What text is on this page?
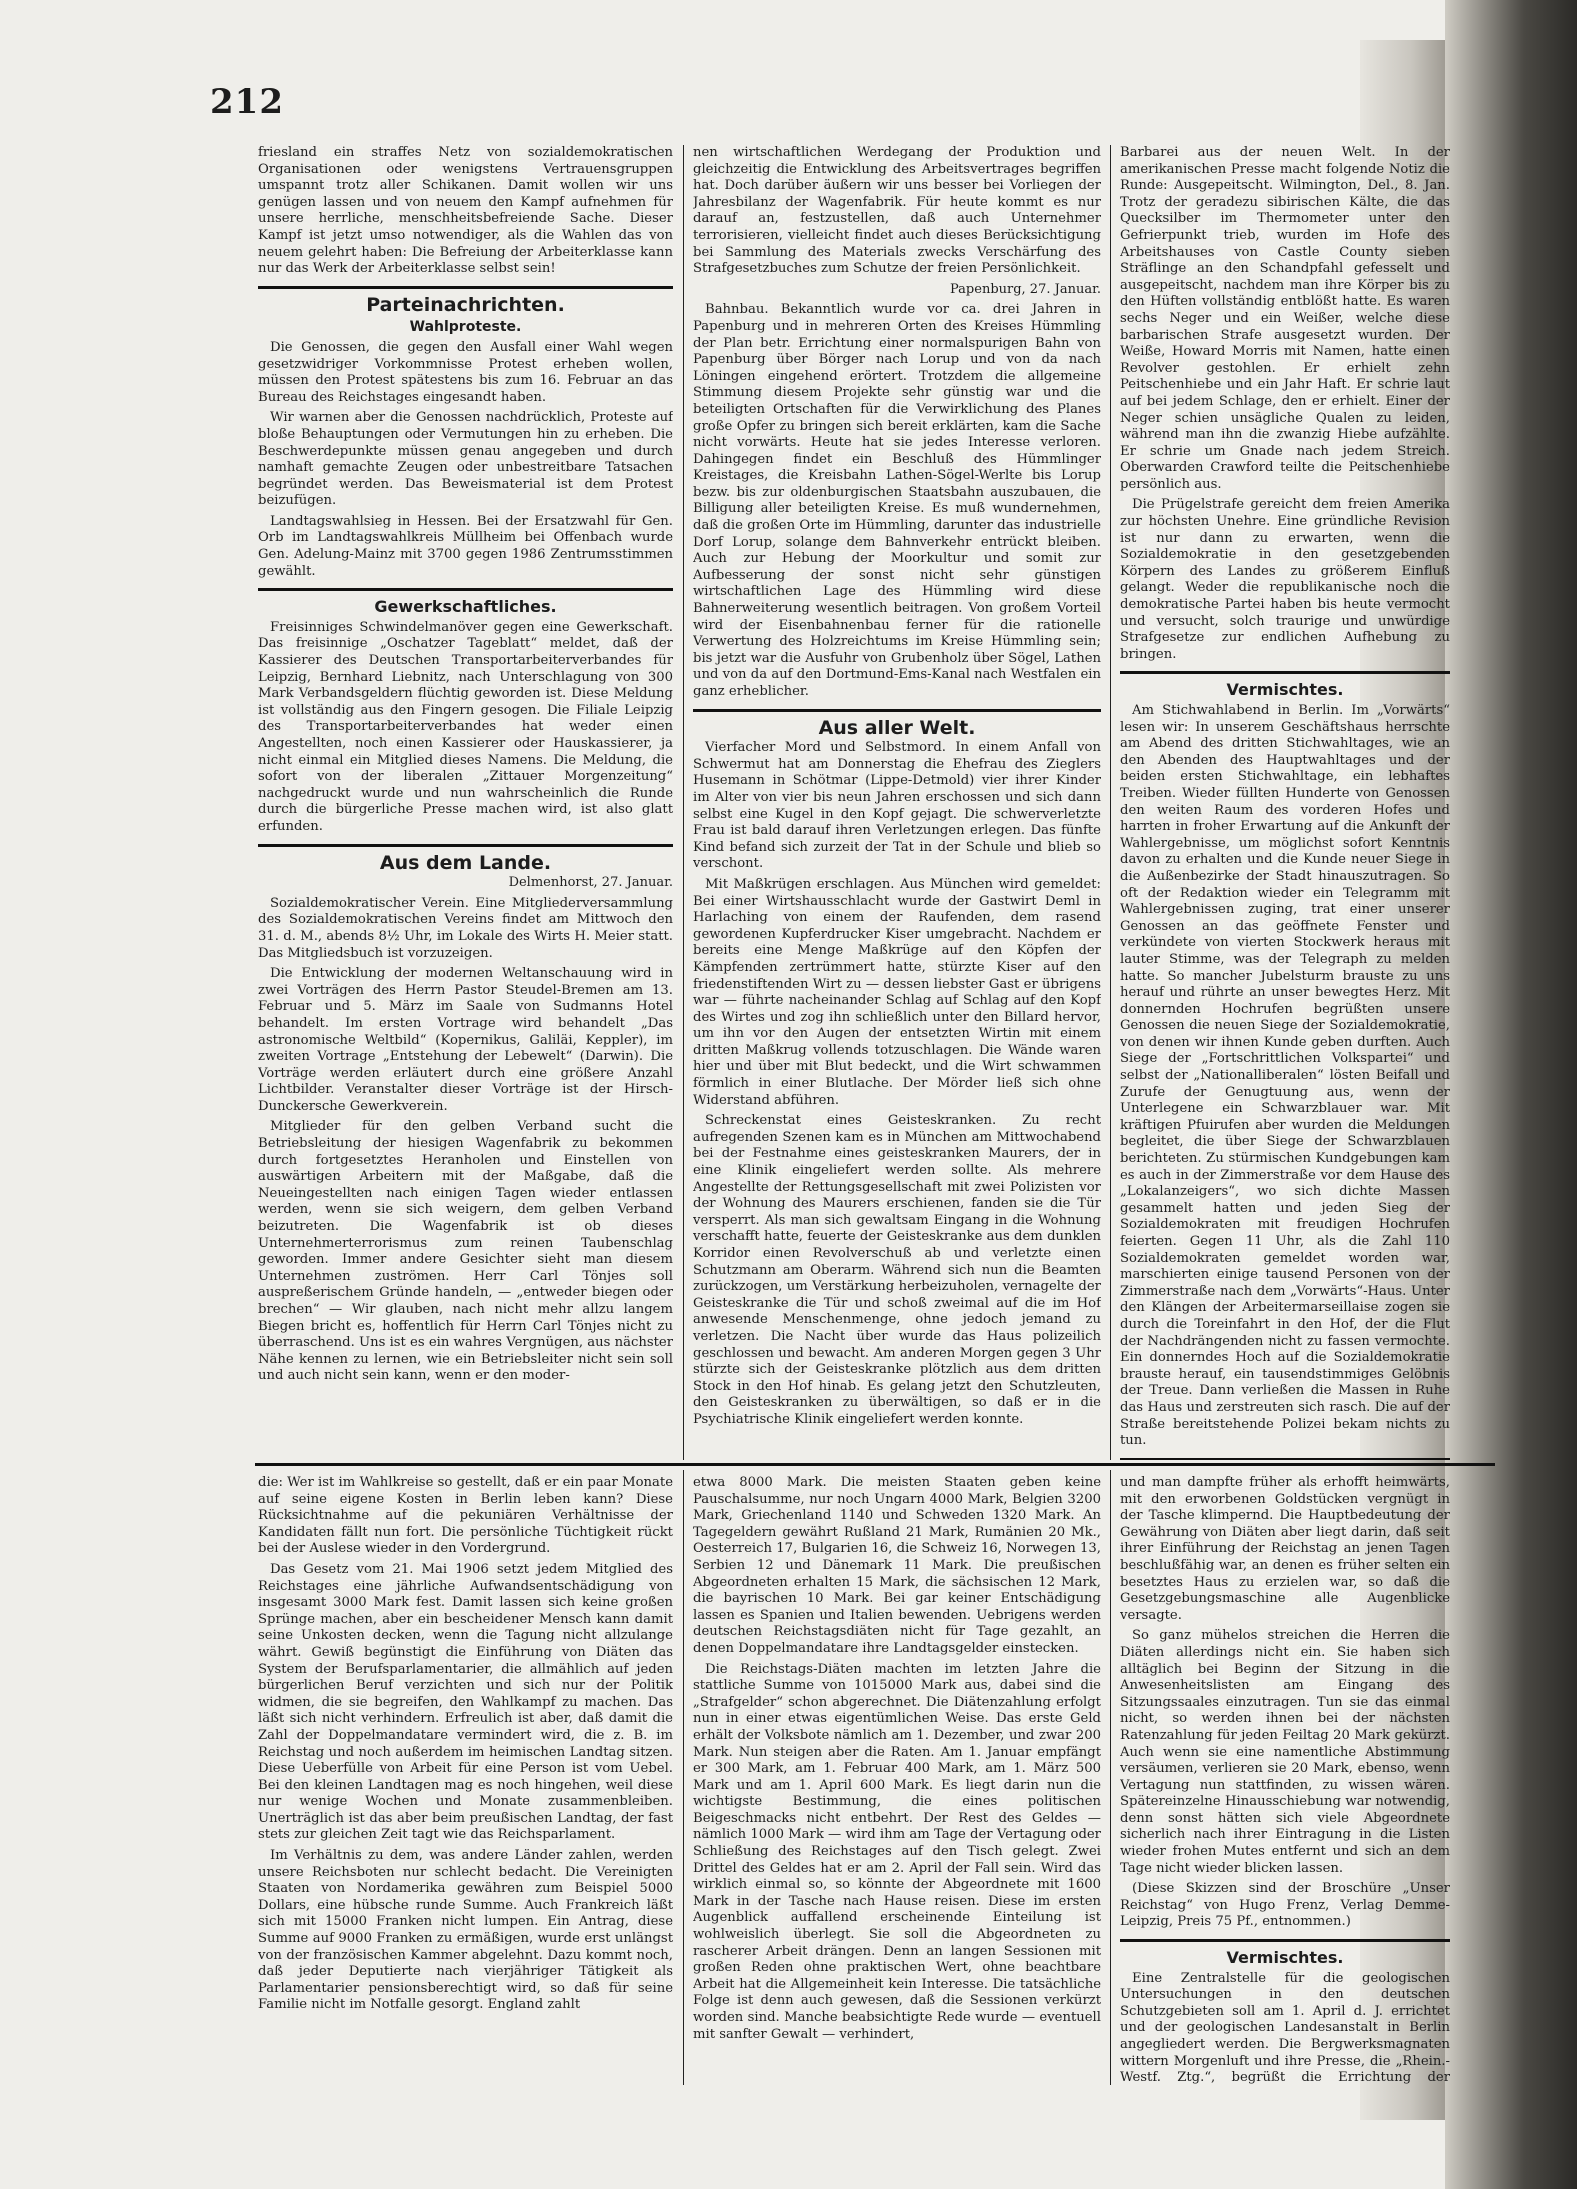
212

friesland ein straffes Netz von sozialdemokratischen Organisationen oder wenigstens Vertrauensgruppen umspannt trotz aller Schikanen. Damit wollen wir uns genügen lassen und von neuem den Kampf aufnehmen für unsere herrliche, menschheitsbefreiende Sache. Dieser Kampf ist jetzt umso notwendiger, als die Wahlen das von neuem gelehrt haben: Die Befreiung der Arbeiterklasse kann nur das Werk der Arbeiterklasse selbst sein!

Parteinachrichten.
Wahlproteste.

Die Genossen, die gegen den Ausfall einer Wahl wegen gesetzwidriger Vorkommnisse Protest erheben wollen, müssen den Protest spätestens bis zum 16. Februar an das Bureau des Reichstages eingesandt haben.

Wir warnen aber die Genossen nachdrücklich, Proteste auf bloße Behauptungen oder Vermutungen hin zu erheben. Die Beschwerdepunkte müssen genau angegeben und durch namhaft gemachte Zeugen oder unbestreitbare Tatsachen begründet werden. Das Beweismaterial ist dem Protest beizufügen.

Landtagswahlsieg in Hessen. Bei der Ersatzwahl für Gen. Orb im Landtagswahlkreis Müllheim bei Offenbach wurde Gen. Adelung-Mainz mit 3700 gegen 1986 Zentrumsstimmen gewählt.

Gewerkschaftliches.

Freisinniges Schwindelmanöver gegen eine Gewerkschaft. Das freisinnige „Oschatzer Tageblatt“ meldet, daß der Kassierer des Deutschen Transportarbeiterverbandes für Leipzig, Bernhard Liebnitz, nach Unterschlagung von 300 Mark Verbandsgeldern flüchtig geworden ist. Diese Meldung ist vollständig aus den Fingern gesogen. Die Filiale Leipzig des Transportarbeiterverbandes hat weder einen Angestellten, noch einen Kassierer oder Hauskassierer, ja nicht einmal ein Mitglied dieses Namens. Die Meldung, die sofort von der liberalen „Zittauer Morgenzeitung“ nachgedruckt wurde und nun wahrscheinlich die Runde durch die bürgerliche Presse machen wird, ist also glatt erfunden.

Aus dem Lande.
Delmenhorst, 27. Januar.

Sozialdemokratischer Verein. Eine Mitgliederversammlung des Sozialdemokratischen Vereins findet am Mittwoch den 31. d. M., abends 8½ Uhr, im Lokale des Wirts H. Meier statt. Das Mitgliedsbuch ist vorzuzeigen.

Die Entwicklung der modernen Weltanschauung wird in zwei Vorträgen des Herrn Pastor Steudel-Bremen am 13. Februar und 5. März im Saale von Sudmanns Hotel behandelt. Im ersten Vortrage wird behandelt „Das astronomische Weltbild“ (Kopernikus, Galiläi, Keppler), im zweiten Vortrage „Entstehung der Lebewelt“ (Darwin). Die Vorträge werden erläutert durch eine größere Anzahl Lichtbilder. Veranstalter dieser Vorträge ist der Hirsch-Dunckersche Gewerkverein.

Mitglieder für den gelben Verband sucht die Betriebsleitung der hiesigen Wagenfabrik zu bekommen durch fortgesetztes Heranholen und Einstellen von auswärtigen Arbeitern mit der Maßgabe, daß die Neueingestellten nach einigen Tagen wieder entlassen werden, wenn sie sich weigern, dem gelben Verband beizutreten. Die Wagenfabrik ist ob dieses Unternehmerterrorismus zum reinen Taubenschlag geworden. Immer andere Gesichter sieht man diesem Unternehmen zuströmen. Herr Carl Tönjes soll auspreßerischem Gründe handeln, — „entweder biegen oder brechen“ — Wir glauben, nach nicht mehr allzu langem Biegen bricht es, hoffentlich für Herrn Carl Tönjes nicht zu überraschend. Uns ist es ein wahres Vergnügen, aus nächster Nähe kennen zu lernen, wie ein Betriebsleiter nicht sein soll und auch nicht sein kann, wenn er den moder-

nen wirtschaftlichen Werdegang der Produktion und gleichzeitig die Entwicklung des Arbeitsvertrages begriffen hat. Doch darüber äußern wir uns besser bei Vorliegen der Jahresbilanz der Wagenfabrik. Für heute kommt es nur darauf an, festzustellen, daß auch Unternehmer terrorisieren, vielleicht findet auch dieses Berücksichtigung bei Sammlung des Materials zwecks Verschärfung des Strafgesetzbuches zum Schutze der freien Persönlichkeit.

Papenburg, 27. Januar.

Bahnbau. Bekanntlich wurde vor ca. drei Jahren in Papenburg und in mehreren Orten des Kreises Hümmling der Plan betr. Errichtung einer normalspurigen Bahn von Papenburg über Börger nach Lorup und von da nach Löningen eingehend erörtert. Trotzdem die allgemeine Stimmung diesem Projekte sehr günstig war und die beteiligten Ortschaften für die Verwirklichung des Planes große Opfer zu bringen sich bereit erklärten, kam die Sache nicht vorwärts. Heute hat sie jedes Interesse verloren. Dahingegen findet ein Beschluß des Hümmlinger Kreistages, die Kreisbahn Lathen-Sögel-Werlte bis Lorup bezw. bis zur oldenburgischen Staatsbahn auszubauen, die Billigung aller beteiligten Kreise. Es muß wundernehmen, daß die großen Orte im Hümmling, darunter das industrielle Dorf Lorup, solange dem Bahnverkehr entrückt bleiben. Auch zur Hebung der Moorkultur und somit zur Aufbesserung der sonst nicht sehr günstigen wirtschaftlichen Lage des Hümmling wird diese Bahnerweiterung wesentlich beitragen. Von großem Vorteil wird der Eisenbahnenbau ferner für die rationelle Verwertung des Holzreichtums im Kreise Hümmling sein; bis jetzt war die Ausfuhr von Grubenholz über Sögel, Lathen und von da auf den Dortmund-Ems-Kanal nach Westfalen ein ganz erheblicher.

Aus aller Welt.

Vierfacher Mord und Selbstmord. In einem Anfall von Schwermut hat am Donnerstag die Ehefrau des Zieglers Husemann in Schötmar (Lippe-Detmold) vier ihrer Kinder im Alter von vier bis neun Jahren erschossen und sich dann selbst eine Kugel in den Kopf gejagt. Die schwerverletzte Frau ist bald darauf ihren Verletzungen erlegen. Das fünfte Kind befand sich zurzeit der Tat in der Schule und blieb so verschont.

Mit Maßkrügen erschlagen. Aus München wird gemeldet: Bei einer Wirtshausschlacht wurde der Gastwirt Deml in Harlaching von einem der Raufenden, dem rasend gewordenen Kupferdrucker Kiser umgebracht. Nachdem er bereits eine Menge Maßkrüge auf den Köpfen der Kämpfenden zertrümmert hatte, stürzte Kiser auf den friedenstiftenden Wirt zu — dessen liebster Gast er übrigens war — führte nacheinander Schlag auf Schlag auf den Kopf des Wirtes und zog ihn schließlich unter den Billard hervor, um ihn vor den Augen der entsetzten Wirtin mit einem dritten Maßkrug vollends totzuschlagen. Die Wände waren hier und über mit Blut bedeckt, und die Wirt schwammen förmlich in einer Blutlache. Der Mörder ließ sich ohne Widerstand abführen.

Schreckenstat eines Geisteskranken. Zu recht aufregenden Szenen kam es in München am Mittwochabend bei der Festnahme eines geisteskranken Maurers, der in eine Klinik eingeliefert werden sollte. Als mehrere Angestellte der Rettungsgesellschaft mit zwei Polizisten vor der Wohnung des Maurers erschienen, fanden sie die Tür versperrt. Als man sich gewaltsam Eingang in die Wohnung verschafft hatte, feuerte der Geisteskranke aus dem dunklen Korridor einen Revolverschuß ab und verletzte einen Schutzmann am Oberarm. Während sich nun die Beamten zurückzogen, um Verstärkung herbeizuholen, vernagelte der Geisteskranke die Tür und schoß zweimal auf die im Hof anwesende Menschenmenge, ohne jedoch jemand zu verletzen. Die Nacht über wurde das Haus polizeilich geschlossen und bewacht. Am anderen Morgen gegen 3 Uhr stürzte sich der Geisteskranke plötzlich aus dem dritten Stock in den Hof hinab. Es gelang jetzt den Schutzleuten, den Geisteskranken zu überwältigen, so daß er in die Psychiatrische Klinik eingeliefert werden konnte.

Barbarei aus der neuen Welt. In der amerikanischen Presse macht folgende Notiz die Runde: Ausgepeitscht. Wilmington, Del., 8. Jan. Trotz der geradezu sibirischen Kälte, die das Quecksilber im Thermometer unter den Gefrierpunkt trieb, wurden im Hofe des Arbeitshauses von Castle County sieben Sträflinge an den Schandpfahl gefesselt und ausgepeitscht, nachdem man ihre Körper bis zu den Hüften vollständig entblößt hatte. Es waren sechs Neger und ein Weißer, welche diese barbarischen Strafe ausgesetzt wurden. Der Weiße, Howard Morris mit Namen, hatte einen Revolver gestohlen. Er erhielt zehn Peitschenhiebe und ein Jahr Haft. Er schrie laut auf bei jedem Schlage, den er erhielt. Einer der Neger schien unsägliche Qualen zu leiden, während man ihn die zwanzig Hiebe aufzählte. Er schrie um Gnade nach jedem Streich. Oberwarden Crawford teilte die Peitschenhiebe persönlich aus.

Die Prügelstrafe gereicht dem freien Amerika zur höchsten Unehre. Eine gründliche Revision ist nur dann zu erwarten, wenn die Sozialdemokratie in den gesetzgebenden Körpern des Landes zu größerem Einfluß gelangt. Weder die republikanische noch die demokratische Partei haben bis heute vermocht und versucht, solch traurige und unwürdige Strafgesetze zur endlichen Aufhebung zu bringen.

Vermischtes.

Am Stichwahlabend in Berlin. Im „Vorwärts“ lesen wir: In unserem Geschäftshaus herrschte am Abend des dritten Stichwahltages, wie an den Abenden des Hauptwahltages und der beiden ersten Stichwahltage, ein lebhaftes Treiben. Wieder füllten Hunderte von Genossen den weiten Raum des vorderen Hofes und harrten in froher Erwartung auf die Ankunft der Wahlergebnisse, um möglichst sofort Kenntnis davon zu erhalten und die Kunde neuer Siege in die Außenbezirke der Stadt hinauszutragen. So oft der Redaktion wieder ein Telegramm mit Wahlergebnissen zuging, trat einer unserer Genossen an das geöffnete Fenster und verkündete von vierten Stockwerk heraus mit lauter Stimme, was der Telegraph zu melden hatte. So mancher Jubelsturm brauste zu uns herauf und rührte an unser bewegtes Herz. Mit donnernden Hochrufen begrüßten unsere Genossen die neuen Siege der Sozialdemokratie, von denen wir ihnen Kunde geben durften. Auch Siege der „Fortschrittlichen Volkspartei“ und selbst der „Nationalliberalen“ lösten Beifall und Zurufe der Genugtuung aus, wenn der Unterlegene ein Schwarzblauer war. Mit kräftigen Pfuirufen aber wurden die Meldungen begleitet, die über Siege der Schwarzblauen berichteten. Zu stürmischen Kundgebungen kam es auch in der Zimmerstraße vor dem Hause des „Lokalanzeigers“, wo sich dichte Massen gesammelt hatten und jeden Sieg der Sozialdemokraten mit freudigen Hochrufen feierten. Gegen 11 Uhr, als die Zahl 110 Sozialdemokraten gemeldet worden war, marschierten einige tausend Personen von der Zimmerstraße nach dem „Vorwärts“-Haus. Unter den Klängen der Arbeitermarseillaise zogen sie durch die Toreinfahrt in den Hof, der die Flut der Nachdrängenden nicht zu fassen vermochte. Ein donnerndes Hoch auf die Sozialdemokratie brauste herauf, ein tausendstimmiges Gelöbnis der Treue. Dann verließen die Massen in Ruhe das Haus und zerstreuten sich rasch. Die auf der Straße bereitstehende Polizei bekam nichts zu tun.

die: Wer ist im Wahlkreise so gestellt, daß er ein paar Monate auf seine eigene Kosten in Berlin leben kann? Diese Rücksichtnahme auf die pekuniären Verhältnisse der Kandidaten fällt nun fort. Die persönliche Tüchtigkeit rückt bei der Auslese wieder in den Vordergrund.

Das Gesetz vom 21. Mai 1906 setzt jedem Mitglied des Reichstages eine jährliche Aufwandsentschädigung von insgesamt 3000 Mark fest. Damit lassen sich keine großen Sprünge machen, aber ein bescheidener Mensch kann damit seine Unkosten decken, wenn die Tagung nicht allzulange währt. Gewiß begünstigt die Einführung von Diäten das System der Berufsparlamentarier, die allmählich auf jeden bürgerlichen Beruf verzichten und sich nur der Politik widmen, die sie begreifen, den Wahlkampf zu machen. Das läßt sich nicht verhindern. Erfreulich ist aber, daß damit die Zahl der Doppelmandatare vermindert wird, die z. B. im Reichstag und noch außerdem im heimischen Landtag sitzen. Diese Ueberfülle von Arbeit für eine Person ist vom Uebel. Bei den kleinen Landtagen mag es noch hingehen, weil diese nur wenige Wochen und Monate zusammenbleiben. Unerträglich ist das aber beim preußischen Landtag, der fast stets zur gleichen Zeit tagt wie das Reichsparlament.

Im Verhältnis zu dem, was andere Länder zahlen, werden unsere Reichsboten nur schlecht bedacht. Die Vereinigten Staaten von Nordamerika gewähren zum Beispiel 5000 Dollars, eine hübsche runde Summe. Auch Frankreich läßt sich mit 15000 Franken nicht lumpen. Ein Antrag, diese Summe auf 9000 Franken zu ermäßigen, wurde erst unlängst von der französischen Kammer abgelehnt. Dazu kommt noch, daß jeder Deputierte nach vierjähriger Tätigkeit als Parlamentarier pensionsberechtigt wird, so daß für seine Familie nicht im Notfalle gesorgt. England zahlt

etwa 8000 Mark. Die meisten Staaten geben keine Pauschalsumme, nur noch Ungarn 4000 Mark, Belgien 3200 Mark, Griechenland 1140 und Schweden 1320 Mark. An Tagegeldern gewährt Rußland 21 Mark, Rumänien 20 Mk., Oesterreich 17, Bulgarien 16, die Schweiz 16, Norwegen 13, Serbien 12 und Dänemark 11 Mark. Die preußischen Abgeordneten erhalten 15 Mark, die sächsischen 12 Mark, die bayrischen 10 Mark. Bei gar keiner Entschädigung lassen es Spanien und Italien bewenden. Uebrigens werden deutschen Reichstagsdiäten nicht für Tage gezahlt, an denen Doppelmandatare ihre Landtagsgelder einstecken.

Die Reichstags-Diäten machten im letzten Jahre die stattliche Summe von 1015000 Mark aus, dabei sind die „Strafgelder“ schon abgerechnet. Die Diätenzahlung erfolgt nun in einer etwas eigentümlichen Weise. Das erste Geld erhält der Volksbote nämlich am 1. Dezember, und zwar 200 Mark. Nun steigen aber die Raten. Am 1. Januar empfängt er 300 Mark, am 1. Februar 400 Mark, am 1. März 500 Mark und am 1. April 600 Mark. Es liegt darin nun die wichtigste Bestimmung, die eines politischen Beigeschmacks nicht entbehrt. Der Rest des Geldes — nämlich 1000 Mark — wird ihm am Tage der Vertagung oder Schließung des Reichstages auf den Tisch gelegt. Zwei Drittel des Geldes hat er am 2. April der Fall sein. Wird das wirklich einmal so, so könnte der Abgeordnete mit 1600 Mark in der Tasche nach Hause reisen. Diese im ersten Augenblick auffallend erscheinende Einteilung ist wohlweislich überlegt. Sie soll die Abgeordneten zu rascherer Arbeit drängen. Denn an langen Sessionen mit großen Reden ohne praktischen Wert, ohne beachtbare Arbeit hat die Allgemeinheit kein Interesse. Die tatsächliche Folge ist denn auch gewesen, daß die Sessionen verkürzt worden sind. Manche beabsichtigte Rede wurde — eventuell mit sanfter Gewalt — verhindert,

und man dampfte früher als erhofft heimwärts, mit den erworbenen Goldstücken vergnügt in der Tasche klimpernd. Die Hauptbedeutung der Gewährung von Diäten aber liegt darin, daß seit ihrer Einführung der Reichstag an jenen Tagen beschlußfähig war, an denen es früher selten ein besetztes Haus zu erzielen war, so daß die Gesetzgebungsmaschine alle Augenblicke versagte.

So ganz mühelos streichen die Herren die Diäten allerdings nicht ein. Sie haben sich alltäglich bei Beginn der Sitzung in die Anwesenheitslisten am Eingang des Sitzungssaales einzutragen. Tun sie das einmal nicht, so werden ihnen bei der nächsten Ratenzahlung für jeden Feiltag 20 Mark gekürzt. Auch wenn sie eine namentliche Abstimmung versäumen, verlieren sie 20 Mark, ebenso, wenn Vertagung nun stattfinden, zu wissen wären. Spätereinzelne Hinausschiebung war notwendig, denn sonst hätten sich viele Abgeordnete sicherlich nach ihrer Eintragung in die Listen wieder frohen Mutes entfernt und sich an dem Tage nicht wieder blicken lassen.

(Diese Skizzen sind der Broschüre „Unser Reichstag“ von Hugo Frenz, Verlag Demme-Leipzig, Preis 75 Pf., entnommen.)

Vermischtes.

Eine Zentralstelle für die geologischen Untersuchungen in den deutschen Schutzgebieten soll am 1. April d. J. errichtet und der geologischen Landesanstalt in Berlin angegliedert werden. Die Bergwerksmagnaten wittern Morgenluft und ihre Presse, die „Rhein.-Westf. Ztg.“, begrüßt die Errichtung der
